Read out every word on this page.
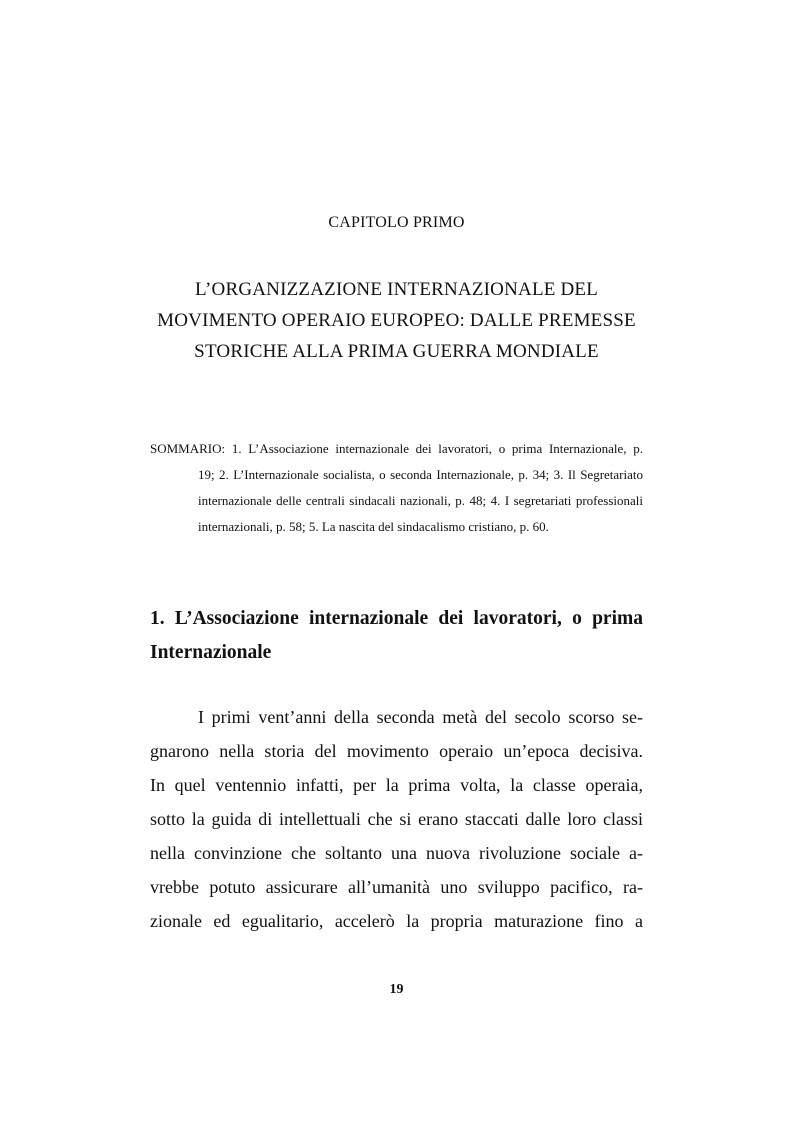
CAPITOLO PRIMO
L’ORGANIZZAZIONE INTERNAZIONALE DEL
MOVIMENTO OPERAIO EUROPEO: DALLE PREMESSE
STORICHE ALLA PRIMA GUERRA MONDIALE
SOMMARIO: 1. L’Associazione internazionale dei lavoratori, o prima Internazionale, p.
19; 2. L’Internazionale socialista, o seconda Internazionale, p. 34; 3. Il Segretariato
internazionale delle centrali sindacali nazionali, p. 48; 4. I segretariati professionali
internazionali, p. 58; 5. La nascita del sindacalismo cristiano, p. 60.
1. L’Associazione internazionale dei lavoratori, o prima
Internazionale
I primi vent’anni della seconda metà del secolo scorso se-
gnarono nella storia del movimento operaio un’epoca decisiva.
In quel ventennio infatti, per la prima volta, la classe operaia,
sotto la guida di intellettuali che si erano staccati dalle loro classi
nella convinzione che soltanto una nuova rivoluzione sociale a-
vrebbe potuto assicurare all’umanità uno sviluppo pacifico, ra-
zionale ed egualitario, accelerò la propria maturazione fino a
19
